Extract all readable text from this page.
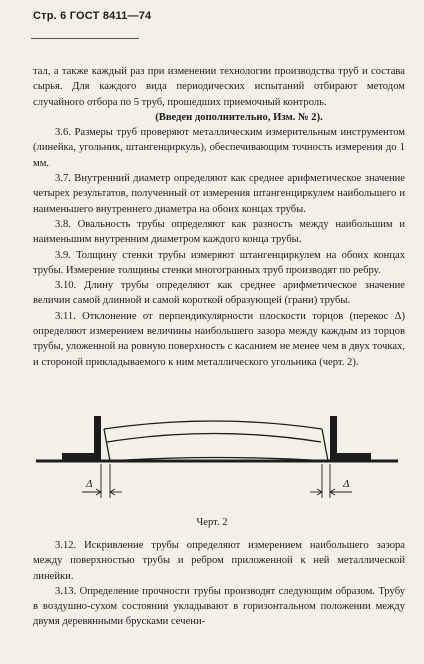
Стр. 6 ГОСТ 8411—74

тал, а также каждый раз при изменении технологии производства труб и состава сырья. Для каждого вида периодических испытаний отбирают методом случайного отбора по 5 труб, прошедших приемочный контроль.

(Введен дополнительно, Изм. № 2).

3.6. Размеры труб проверяют металлическим измерительным инструментом (линейка, угольник, штангенциркуль), обеспечивающим точность измерения до 1 мм.

3.7. Внутренний диаметр определяют как среднее арифметическое значение четырех результатов, полученный от измерения штангенциркулем наибольшего и наименьшего внутреннего диаметра на обоих концах трубы.

3.8. Овальность трубы определяют как разность между наибольшим и наименьшим внутренним диаметром каждого конца трубы.

3.9. Толщину стенки трубы измеряют штангенциркулем на обоих концах трубы. Измерение толщины стенки многогранных труб производят по ребру.

3.10. Длину трубы определяют как среднее арифметическое значение величин самой длинной и самой короткой образующей (грани) трубы.

3.11. Отклонение от перпендикулярности плоскости торцов (перекос Δ) определяют измерением величины наибольшего зазора между каждым из торцов трубы, уложенной на ровную поверхность с касанием не менее чем в двух точках, и стороной прикладываемого к ним металлического угольника (черт. 2).

Δ	Δ
Черт. 2

3.12. Искривление трубы определяют измерением наибольшего зазора между поверхностью трубы и ребром приложенной к ней металлической линейки.

3.13. Определение прочности трубы производят следующим образом. Трубу в воздушно-сухом состоянии укладывают в горизонтальном положении между двумя деревянными брусками сечени-
